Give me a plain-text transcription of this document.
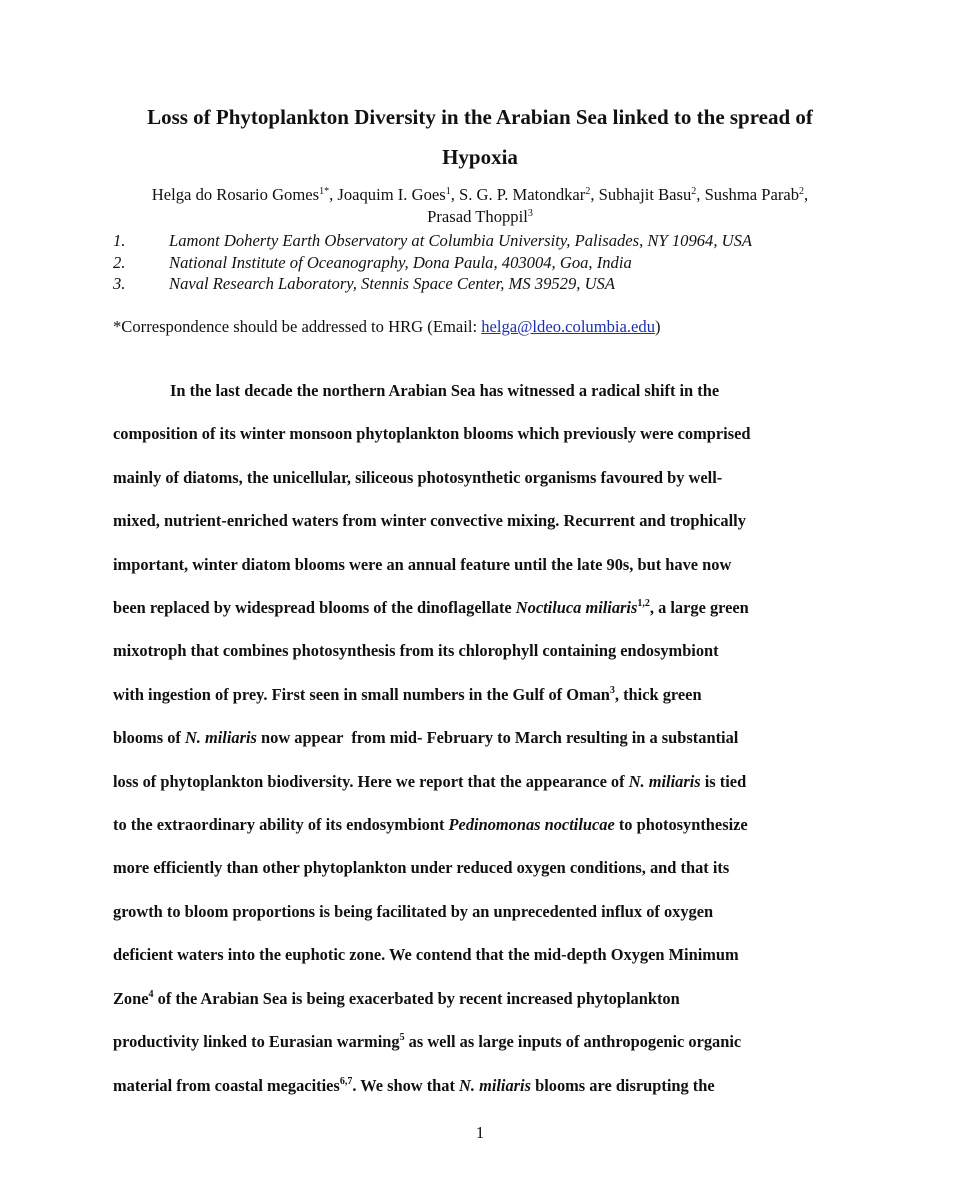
Loss of Phytoplankton Diversity in the Arabian Sea linked to the spread of
Hypoxia
Helga do Rosario Gomes$^{1*}$, Joaquim I. Goes$^1$, S. G. P. Matondkar$^2$, Subhajit Basu$^2$, Sushma Parab$^2$,
Prasad Thoppil$^3$
1.	Lamont Doherty Earth Observatory at Columbia University, Palisades, NY 10964, USA
2.	National Institute of Oceanography, Dona Paula, 403004, Goa, India
3.	Naval Research Laboratory, Stennis Space Center, MS 39529, USA
*Correspondence should be addressed to HRG (Email: helga@ldeo.columbia.edu)
In the last decade the northern Arabian Sea has witnessed a radical shift in the
composition of its winter monsoon phytoplankton blooms which previously were comprised
mainly of diatoms, the unicellular, siliceous photosynthetic organisms favoured by well-
mixed, nutrient-enriched waters from winter convective mixing. Recurrent and trophically
important, winter diatom blooms were an annual feature until the late 90s, but have now
been replaced by widespread blooms of the dinoflagellate Noctiluca miliaris$^{1,2}$, a large green
mixotroph that combines photosynthesis from its chlorophyll containing endosymbiont
with ingestion of prey. First seen in small numbers in the Gulf of Oman$^3$, thick green
blooms of N. miliaris now appear  from mid- February to March resulting in a substantial
loss of phytoplankton biodiversity. Here we report that the appearance of N. miliaris is tied
to the extraordinary ability of its endosymbiont Pedinomonas noctilucae to photosynthesize
more efficiently than other phytoplankton under reduced oxygen conditions, and that its
growth to bloom proportions is being facilitated by an unprecedented influx of oxygen
deficient waters into the euphotic zone. We contend that the mid-depth Oxygen Minimum
Zone$^4$ of the Arabian Sea is being exacerbated by recent increased phytoplankton
productivity linked to Eurasian warming$^5$ as well as large inputs of anthropogenic organic
material from coastal megacities$^{6,7}$. We show that N. miliaris blooms are disrupting the
1
